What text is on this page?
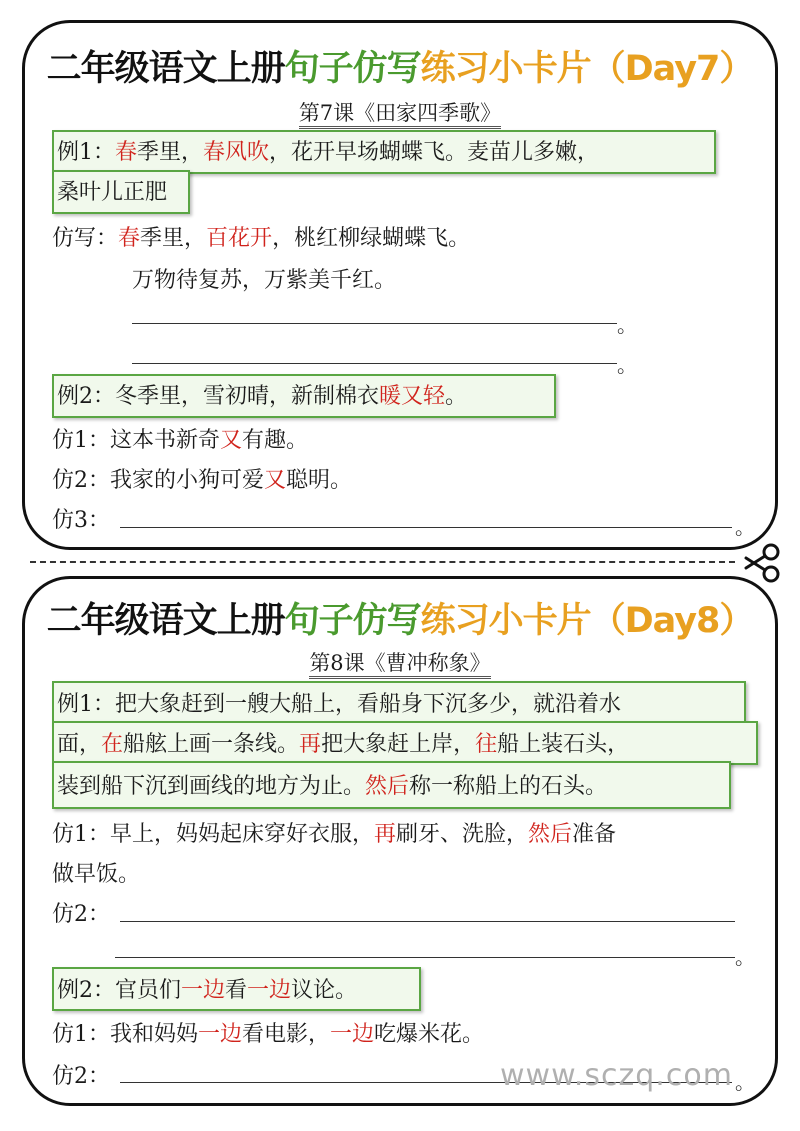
二年级语文上册句子仿写练习小卡片（Day7）
第7课《田家四季歌》
例1：春季里，春风吹，花开早场蝴蝶飞。麦苗儿多嫩，
桑叶儿正肥
仿写：春季里，百花开，桃红柳绿蝴蝶飞。
万物待复苏，万紫美千红。
。
。
例2：冬季里，雪初晴，新制棉衣暖又轻。
仿1：这本书新奇又有趣。
仿2：我家的小狗可爱又聪明。
仿3：	。
二年级语文上册句子仿写练习小卡片（Day8）
第8课《曹冲称象》
例1：把大象赶到一艘大船上，看船身下沉多少，就沿着水
面，在船舷上画一条线。再把大象赶上岸，往船上装石头，
装到船下沉到画线的地方为止。然后称一称船上的石头。
仿1：早上，妈妈起床穿好衣服，再刷牙、洗脸，然后准备
做早饭。
仿2：
。
例2：官员们一边看一边议论。
仿1：我和妈妈一边看电影，一边吃爆米花。
仿2：	。
www.sczq.com
